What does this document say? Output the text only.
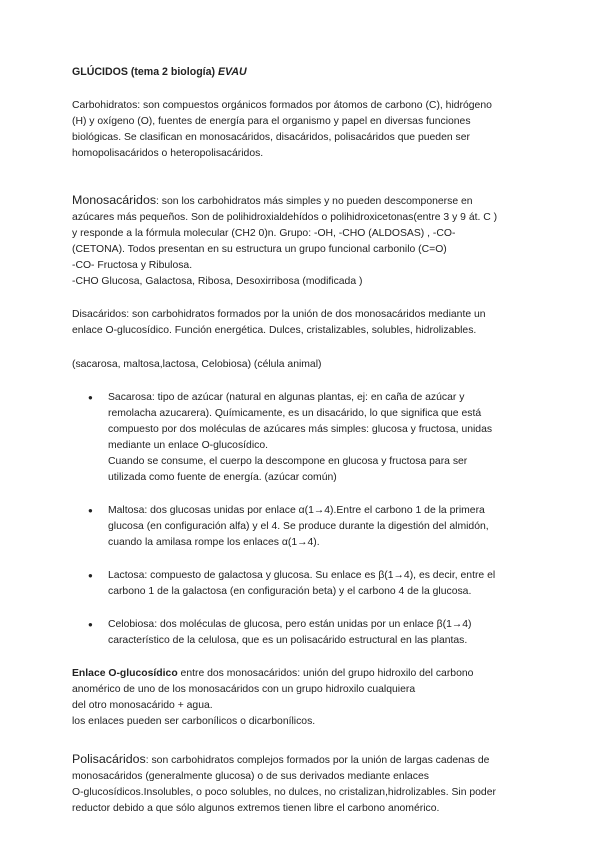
GLÚCIDOS (tema 2 biología) EVAU

Carbohidratos: son compuestos orgánicos formados por átomos de carbono (C), hidrógeno

(H) y oxígeno (O), fuentes de energía para el organismo y papel en diversas funciones

biológicas. Se clasifican en monosacáridos, disacáridos, polisacáridos que pueden ser

homopolisacáridos o heteropolisacáridos.

Monosacáridos: son los carbohidratos más simples y no pueden descomponerse en

azúcares más pequeños. Son de polihidroxialdehídos o polihidroxicetonas(entre 3 y 9 át. C )

y responde a la fórmula molecular (CH2 0)n. Grupo: -OH, -CHO (ALDOSAS) , -CO-

(CETONA). Todos presentan en su estructura un grupo funcional carbonilo (C=O)

-CO- Fructosa y Ribulosa.

-CHO Glucosa, Galactosa, Ribosa, Desoxirribosa (modificada )

Disacáridos: son carbohidratos formados por la unión de dos monosacáridos mediante un

enlace O-glucosídico. Función energética. Dulces, cristalizables, solubles, hidrolizables.

(sacarosa, maltosa,lactosa, Celobiosa) (célula animal)

● Sacarosa: tipo de azúcar (natural en algunas plantas, ej: en caña de azúcar y

remolacha azucarera). Químicamente, es un disacárido, lo que significa que está

compuesto por dos moléculas de azúcares más simples: glucosa y fructosa, unidas

mediante un enlace O-glucosídico.

Cuando se consume, el cuerpo la descompone en glucosa y fructosa para ser

utilizada como fuente de energía. (azúcar común)

● Maltosa: dos glucosas unidas por enlace α(1→4).Entre el carbono 1 de la primera

glucosa (en configuración alfa) y el 4. Se produce durante la digestión del almidón,

cuando la amilasa rompe los enlaces α(1→4).

● Lactosa: compuesto de galactosa y glucosa. Su enlace es β(1→4), es decir, entre el

carbono 1 de la galactosa (en configuración beta) y el carbono 4 de la glucosa.

● Celobiosa: dos moléculas de glucosa, pero están unidas por un enlace β(1→4)

característico de la celulosa, que es un polisacárido estructural en las plantas.

Enlace O-glucosídico entre dos monosacáridos: unión del grupo hidroxilo del carbono

anomérico de uno de los monosacáridos con un grupo hidroxilo cualquiera

del otro monosacárido + agua.

los enlaces pueden ser carbonílicos o dicarbonílicos.

Polisacáridos: son carbohidratos complejos formados por la unión de largas cadenas de

monosacáridos (generalmente glucosa) o de sus derivados mediante enlaces

O-glucosídicos.Insolubles, o poco solubles, no dulces, no cristalizan,hidrolizables. Sin poder

reductor debido a que sólo algunos extremos tienen libre el carbono anomérico.
